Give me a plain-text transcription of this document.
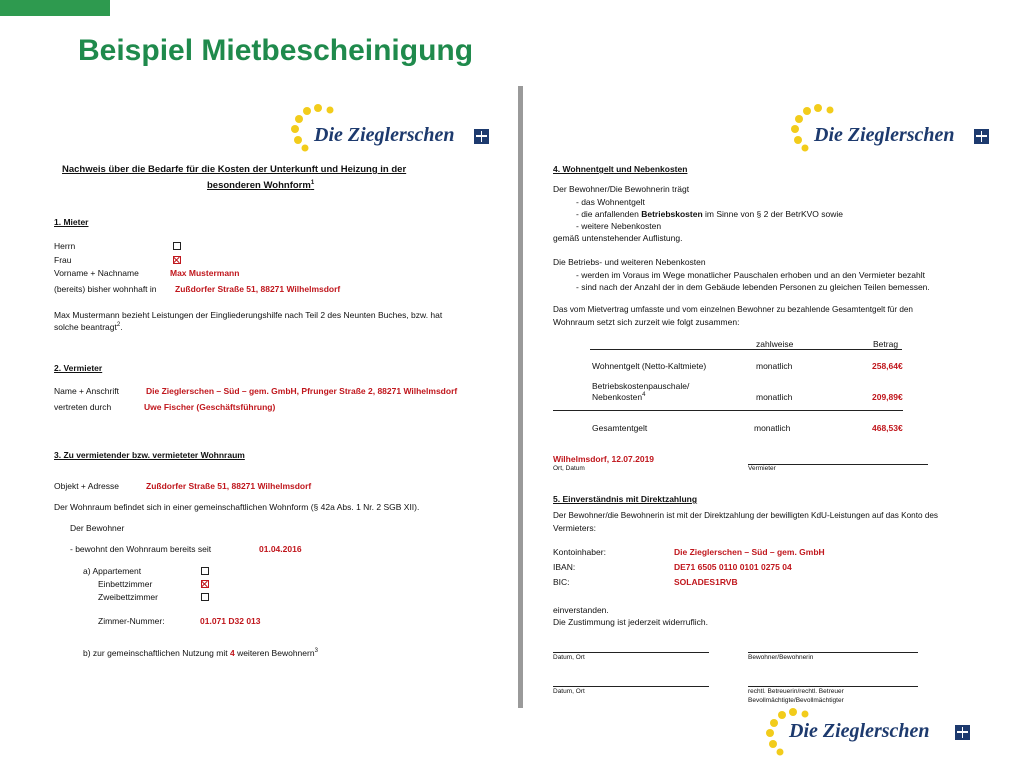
Beispiel Mietbescheinigung
Die Zieglerschen	Die Zieglerschen
Die Zieglerschen
Nachweis über die Bedarfe für die Kosten der Unterkunft und Heizung in der
besonderen Wohnform$^1$
1. Mieter
Herrn
Frau
Vorname + Nachname	Max Mustermann
(bereits) bisher wohnhaft in Zußdorfer Straße 51, 88271 Wilhelmsdorf
Max Mustermann bezieht Leistungen der Eingliederungshilfe nach Teil 2 des Neunten Buches, bzw. hat
solche beantragt$^2$.
2. Vermieter
Name + Anschrift	Die Zieglerschen – Süd – gem. GmbH, Pfrunger Straße 2, 88271 Wilhelmsdorf
vertreten durch	Uwe Fischer (Geschäftsführung)
3. Zu vermietender bzw. vermieteter Wohnraum
Objekt + Adresse	Zußdorfer Straße 51, 88271 Wilhelmsdorf
Der Wohnraum befindet sich in einer gemeinschaftlichen Wohnform (§ 42a Abs. 1 Nr. 2 SGB XII).
Der Bewohner
- bewohnt den Wohnraum bereits seit	01.04.2016
a) Appartement
Einbettzimmer
Zweibettzimmer
Zimmer-Nummer:	01.071 D32 013
b) zur gemeinschaftlichen Nutzung mit 4 weiteren Bewohnern$^3$
4. Wohnentgelt und Nebenkosten
Der Bewohner/Die Bewohnerin trägt
- das Wohnentgelt
- die anfallenden Betriebskosten im Sinne von § 2 der BetrKVO sowie
- weitere Nebenkosten
gemäß untenstehender Auflistung.
Die Betriebs- und weiteren Nebenkosten
- werden im Voraus im Wege monatlicher Pauschalen erhoben und an den Vermieter bezahlt
- sind nach der Anzahl der in dem Gebäude lebenden Personen zu gleichen Teilen bemessen.
Das vom Mietvertrag umfasste und vom einzelnen Bewohner zu bezahlende Gesamtentgelt für den
Wohnraum setzt sich zurzeit wie folgt zusammen:
zahlweise	Betrag
Wohnentgelt (Netto-Kaltmiete)	monatlich	258,64€
Betriebskostenpauschale/
Nebenkosten$^4$	monatlich	209,89€
Gesamtentgelt	monatlich	468,53€
Wilhelmsdorf, 12.07.2019
Ort, Datum	Vermieter
5. Einverständnis mit Direktzahlung
Der Bewohner/die Bewohnerin ist mit der Direktzahlung der bewilligten KdU-Leistungen auf das Konto des
Vermieters:
Kontoinhaber:	Die Zieglerschen – Süd – gem. GmbH
IBAN:	DE71 6505 0110 0101 0275 04
BIC:	SOLADES1RVB
einverstanden.
Die Zustimmung ist jederzeit widerruflich.
Datum, Ort	Bewohner/Bewohnerin
Datum, Ort	rechtl. Betreuerin/rechtl. Betreuer
Bevollmächtigte/Bevollmächtigter
